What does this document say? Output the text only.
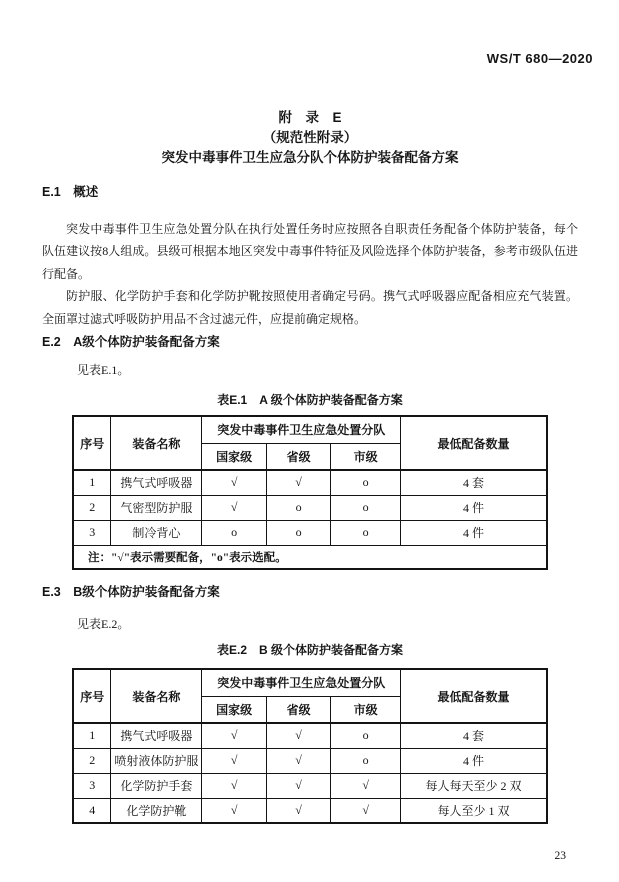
WS/T 680—2020
附　录　E
（规范性附录）
突发中毒事件卫生应急分队个体防护装备配备方案
E.1　概述

突发中毒事件卫生应急处置分队在执行处置任务时应按照各自职责任务配备个体防护装备，每个队伍建议按8人组成。县级可根据本地区突发中毒事件特征及风险选择个体防护装备，参考市级队伍进行配备。

防护服、化学防护手套和化学防护靴按照使用者确定号码。携气式呼吸器应配备相应充气装置。全面罩过滤式呼吸防护用品不含过滤元件，应提前确定规格。

E.2　A级个体防护装备配备方案

见表E.1。

表E.1　A 级个体防护装备配备方案
序号	装备名称	突发中毒事件卫生应急处置分队			最低配备数量
		国家级	省级	市级	
1	携气式呼吸器	√	√	o	4 套
2	气密型防护服	√	o	o	4 件
3	制冷背心	o	o	o	4 件
注："√"表示需要配备，"o"表示选配。					
E.3　B级个体防护装备配备方案

见表E.2。

表E.2　B 级个体防护装备配备方案
序号	装备名称	突发中毒事件卫生应急处置分队			最低配备数量
		国家级	省级	市级	
1	携气式呼吸器	√	√	o	4 套
2	喷射液体防护服	√	√	o	4 件
3	化学防护手套	√	√	√	每人每天至少 2 双
4	化学防护靴	√	√	√	每人至少 1 双
23
